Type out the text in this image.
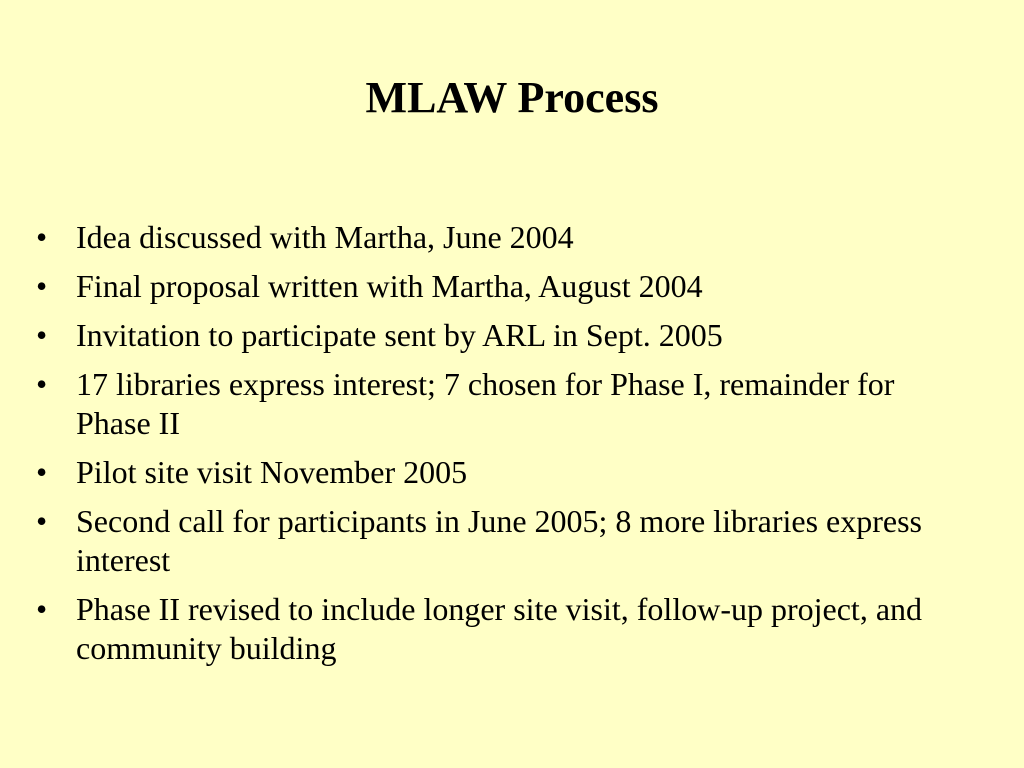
MLAW Process
• Idea discussed with Martha, June 2004
• Final proposal written with Martha, August 2004
• Invitation to participate sent by ARL in Sept. 2005
• 17 libraries express interest; 7 chosen for Phase I, remainder for Phase II
• Pilot site visit November 2005
• Second call for participants in June 2005; 8 more libraries express interest
• Phase II revised to include longer site visit, follow-up project, and community building
